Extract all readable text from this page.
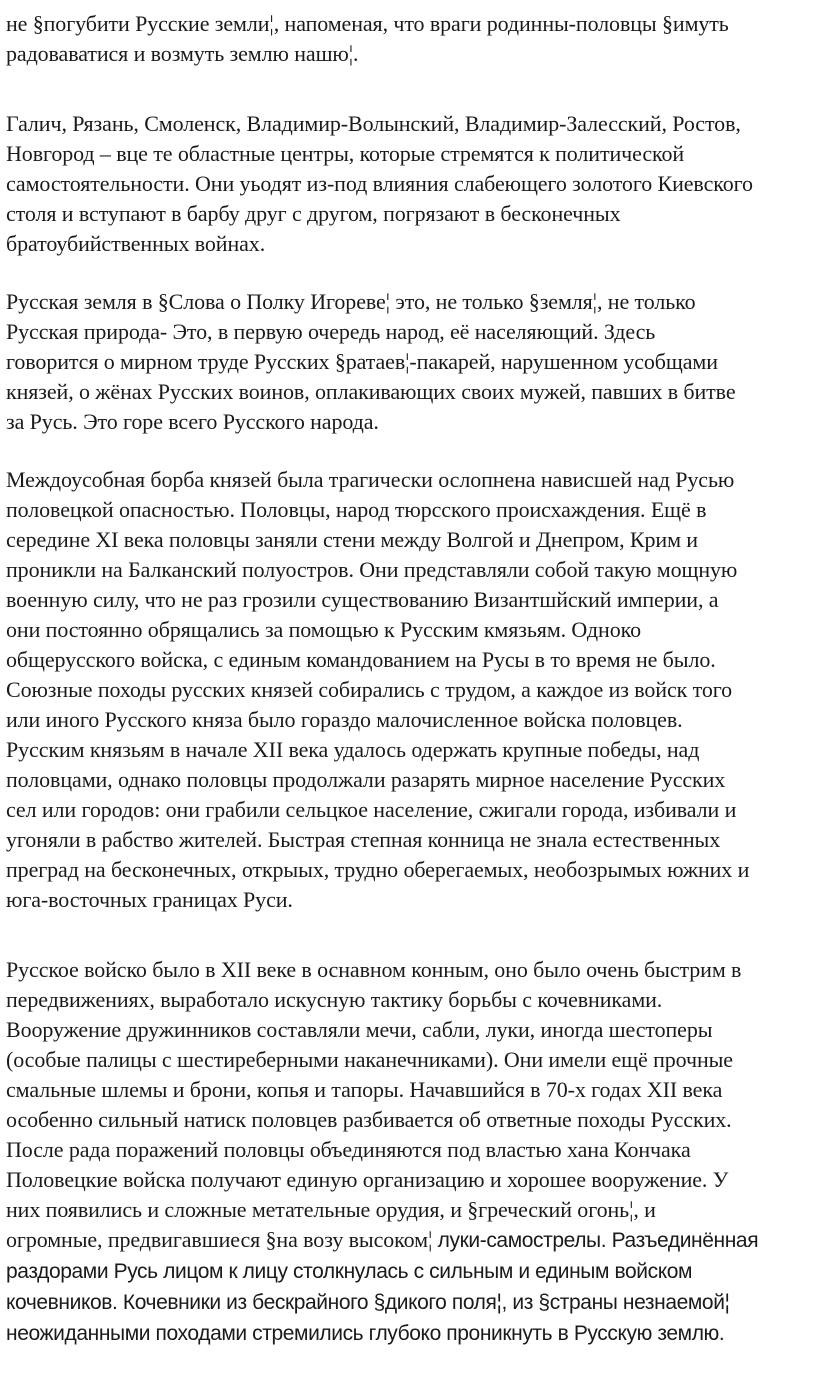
не §погубити Русские земли¦, напоменая, что враги родинны-половцы §имуть
радоваватися и возмуть землю нашю¦.

Галич, Рязань, Смоленск, Владимир-Волынский, Владимир-Залесский, Ростов,
Новгород – вце те областные центры, которые стремятся к политической
самостоятельности. Они уьодят из-под влияния слабеющего золотого Киевского
столя и вступают в барбу друг с другом, погрязают в бесконечных
братоубийственных войнах.

Русская земля в §Слова о Полку Игореве¦ это, не только §земля¦, не только
Русская природа- Это, в первую очередь народ, её населяющий. Здесь
говорится о мирном труде Русских §ратаев¦-пакарей, нарушенном усобщами
князей, о жёнах Русских воинов, оплакивающих своих мужей, павших в битве
за Русь. Это горе всего Русского народа.

Междоусобная борба князей была трагически ослопнена нависшей над Русью
половецкой опасностью. Половцы, народ тюрсского происхаждения. Ещё в
середине XI века половцы заняли стени между Волгой и Днепром, Крим и
проникли на Балканский полуостров. Они представляли собой такую мощную
военную силу, что не раз грозили существованию Византшйский империи, а
они постоянно обрящались за помощью к Русским кмязьям. Одноко
общерусского войска, с единым командованием на Русы в то время не было.
Союзные походы русских князей собирались с трудом, а каждое из войск того
или иного Русского княза было гораздо малочисленное войска половцев.
Русским князьям в начале XII века удалось одержать крупные победы, над
половцами, однако половцы продолжали разарять мирное население Русских
сел или городов: они грабили сельцкое население, сжигали города, избивали и
угоняли в рабство жителей. Быстрая степная конница не знала естественных
преград на бесконечных, открыых, трудно оберегаемых, необозрымых южних и
юга-восточных границах Руси.

Русское войско было в XII веке в оснавном конным, оно было очень быстрим в
передвижениях, выработало искусную тактику борьбы с кочевниками.
Вооружение дружинников составляли мечи, сабли, луки, иногда шестоперы
(особые палицы с шестиреберными наканечниками). Они имели ещё прочные
смальные шлемы и брони, копья и тапоры. Начавшийся в 70-х годах XII века
особенно сильный натиск половцев разбивается об ответные походы Русских.
После рада поражений половцы объединяются под властью хана Кончака
Половецкие войска получают единую организацию и хорошее вооружение. У
них появились и сложные метательные орудия, и §греческий огонь¦, и
огромные, предвигавшиеся §на возу высоком¦ луки-самострелы. Разъединённая
раздорами Русь лицом к лицу столкнулась с сильным и единым войском
кочевников. Кочевники из бескрайного §дикого поля¦, из §страны незнаемой¦
неожиданными походами стремились глубоко проникнуть в Русскую землю.
